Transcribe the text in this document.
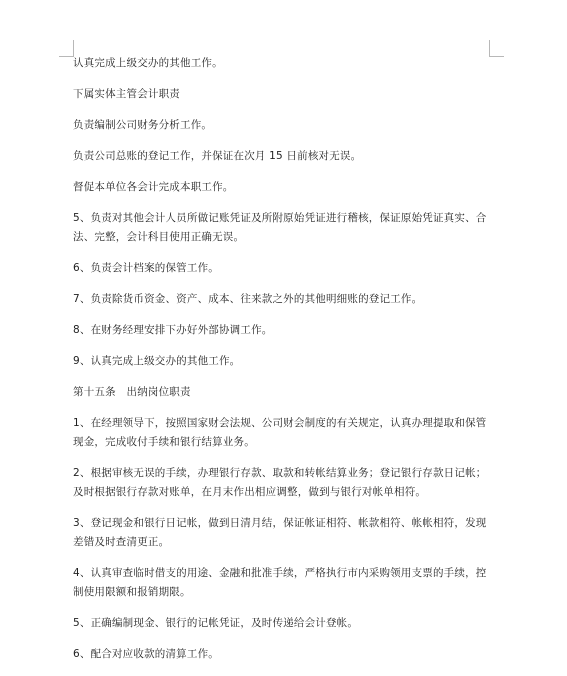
认真完成上级交办的其他工作。

下属实体主管会计职责

负责编制公司财务分析工作。

负责公司总账的登记工作，并保证在次月 15 日前核对无误。

督促本单位各会计完成本职工作。

5、负责对其他会计人员所做记账凭证及所附原始凭证进行稽核，保证原始凭证真实、合法、完整，会计科目使用正确无误。

6、负责会计档案的保管工作。

7、负责除货币资金、资产、成本、往来款之外的其他明细账的登记工作。

8、在财务经理安排下办好外部协调工作。

9、认真完成上级交办的其他工作。

第十五条　出纳岗位职责

1、在经理领导下，按照国家财会法规、公司财会制度的有关规定，认真办理提取和保管现金，完成收付手续和银行结算业务。

2、根据审核无误的手续，办理银行存款、取款和转帐结算业务；登记银行存款日记帐；及时根据银行存款对账单，在月末作出相应调整，做到与银行对帐单相符。

3、登记现金和银行日记帐，做到日清月结，保证帐证相符、帐款相符、帐帐相符，发现差错及时查清更正。

4、认真审查临时借支的用途、金融和批准手续，严格执行市内采购领用支票的手续，控制使用限额和报销期限。

5、正确编制现金、银行的记帐凭证，及时传递给会计登帐。

6、配合对应收款的清算工作。
